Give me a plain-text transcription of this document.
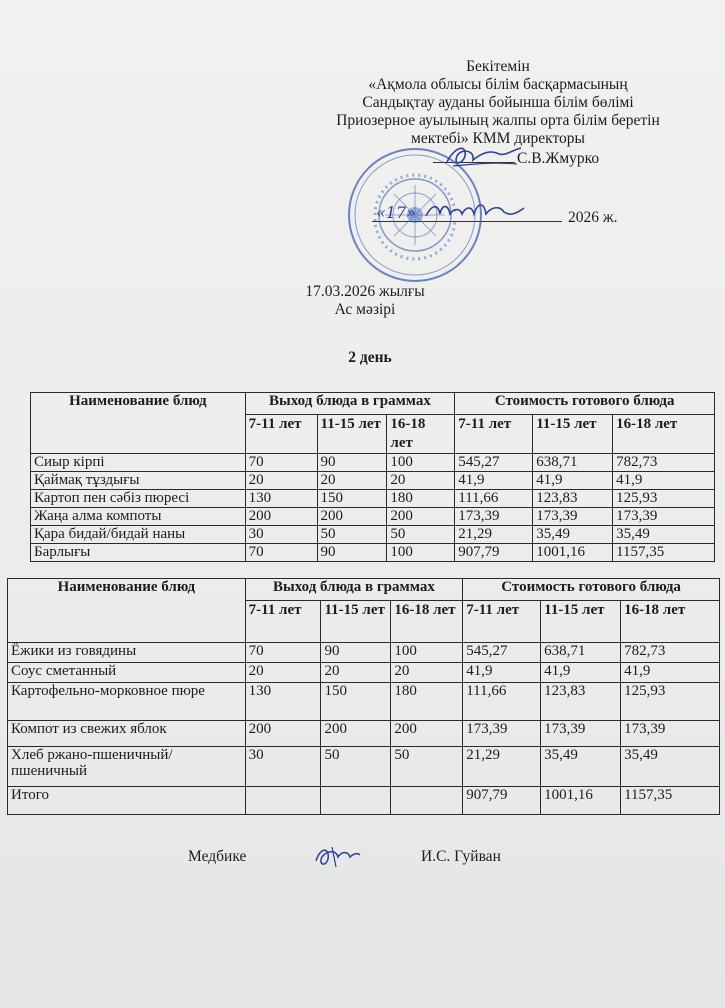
Бекітемін
«Ақмола облысы білім басқармасының
Сандықтау ауданы бойынша білім бөлімі
Приозерное ауылының жалпы орта білім беретін
мектебі» КММ директоры
С.В.Жмурко
2026 ж.
«17»
17.03.2026 жылғы
Ас мәзірі
2 день
Наименование блюд	Выход блюда в граммах			Стоимость готового блюда		
	7-11 лет	11-15 лет	16-18 лет	7-11 лет	11-15 лет	16-18 лет
Сиыр кірпі	70	90	100	545,27	638,71	782,73
Қаймақ тұздығы	20	20	20	41,9	41,9	41,9
Картоп пен сәбіз пюресі	130	150	180	111,66	123,83	125,93
Жаңа алма компоты	200	200	200	173,39	173,39	173,39
Қара бидай/бидай наны	30	50	50	21,29	35,49	35,49
Барлығы	70	90	100	907,79	1001,16	1157,35
Наименование блюд	Выход блюда в граммах			Стоимость готового блюда		
	7-11 лет	11-15 лет	16-18 лет	7-11 лет	11-15 лет	16-18 лет
Ёжики из говядины	70	90	100	545,27	638,71	782,73
Соус сметанный	20	20	20	41,9	41,9	41,9
Картофельно-морковное пюре	130	150	180	111,66	123,83	125,93
Компот из свежих яблок	200	200	200	173,39	173,39	173,39
Хлеб ржано-пшеничный/пшеничный	30	50	50	21,29	35,49	35,49
Итого				907,79	1001,16	1157,35
Медбике	И.С. Гуйван
